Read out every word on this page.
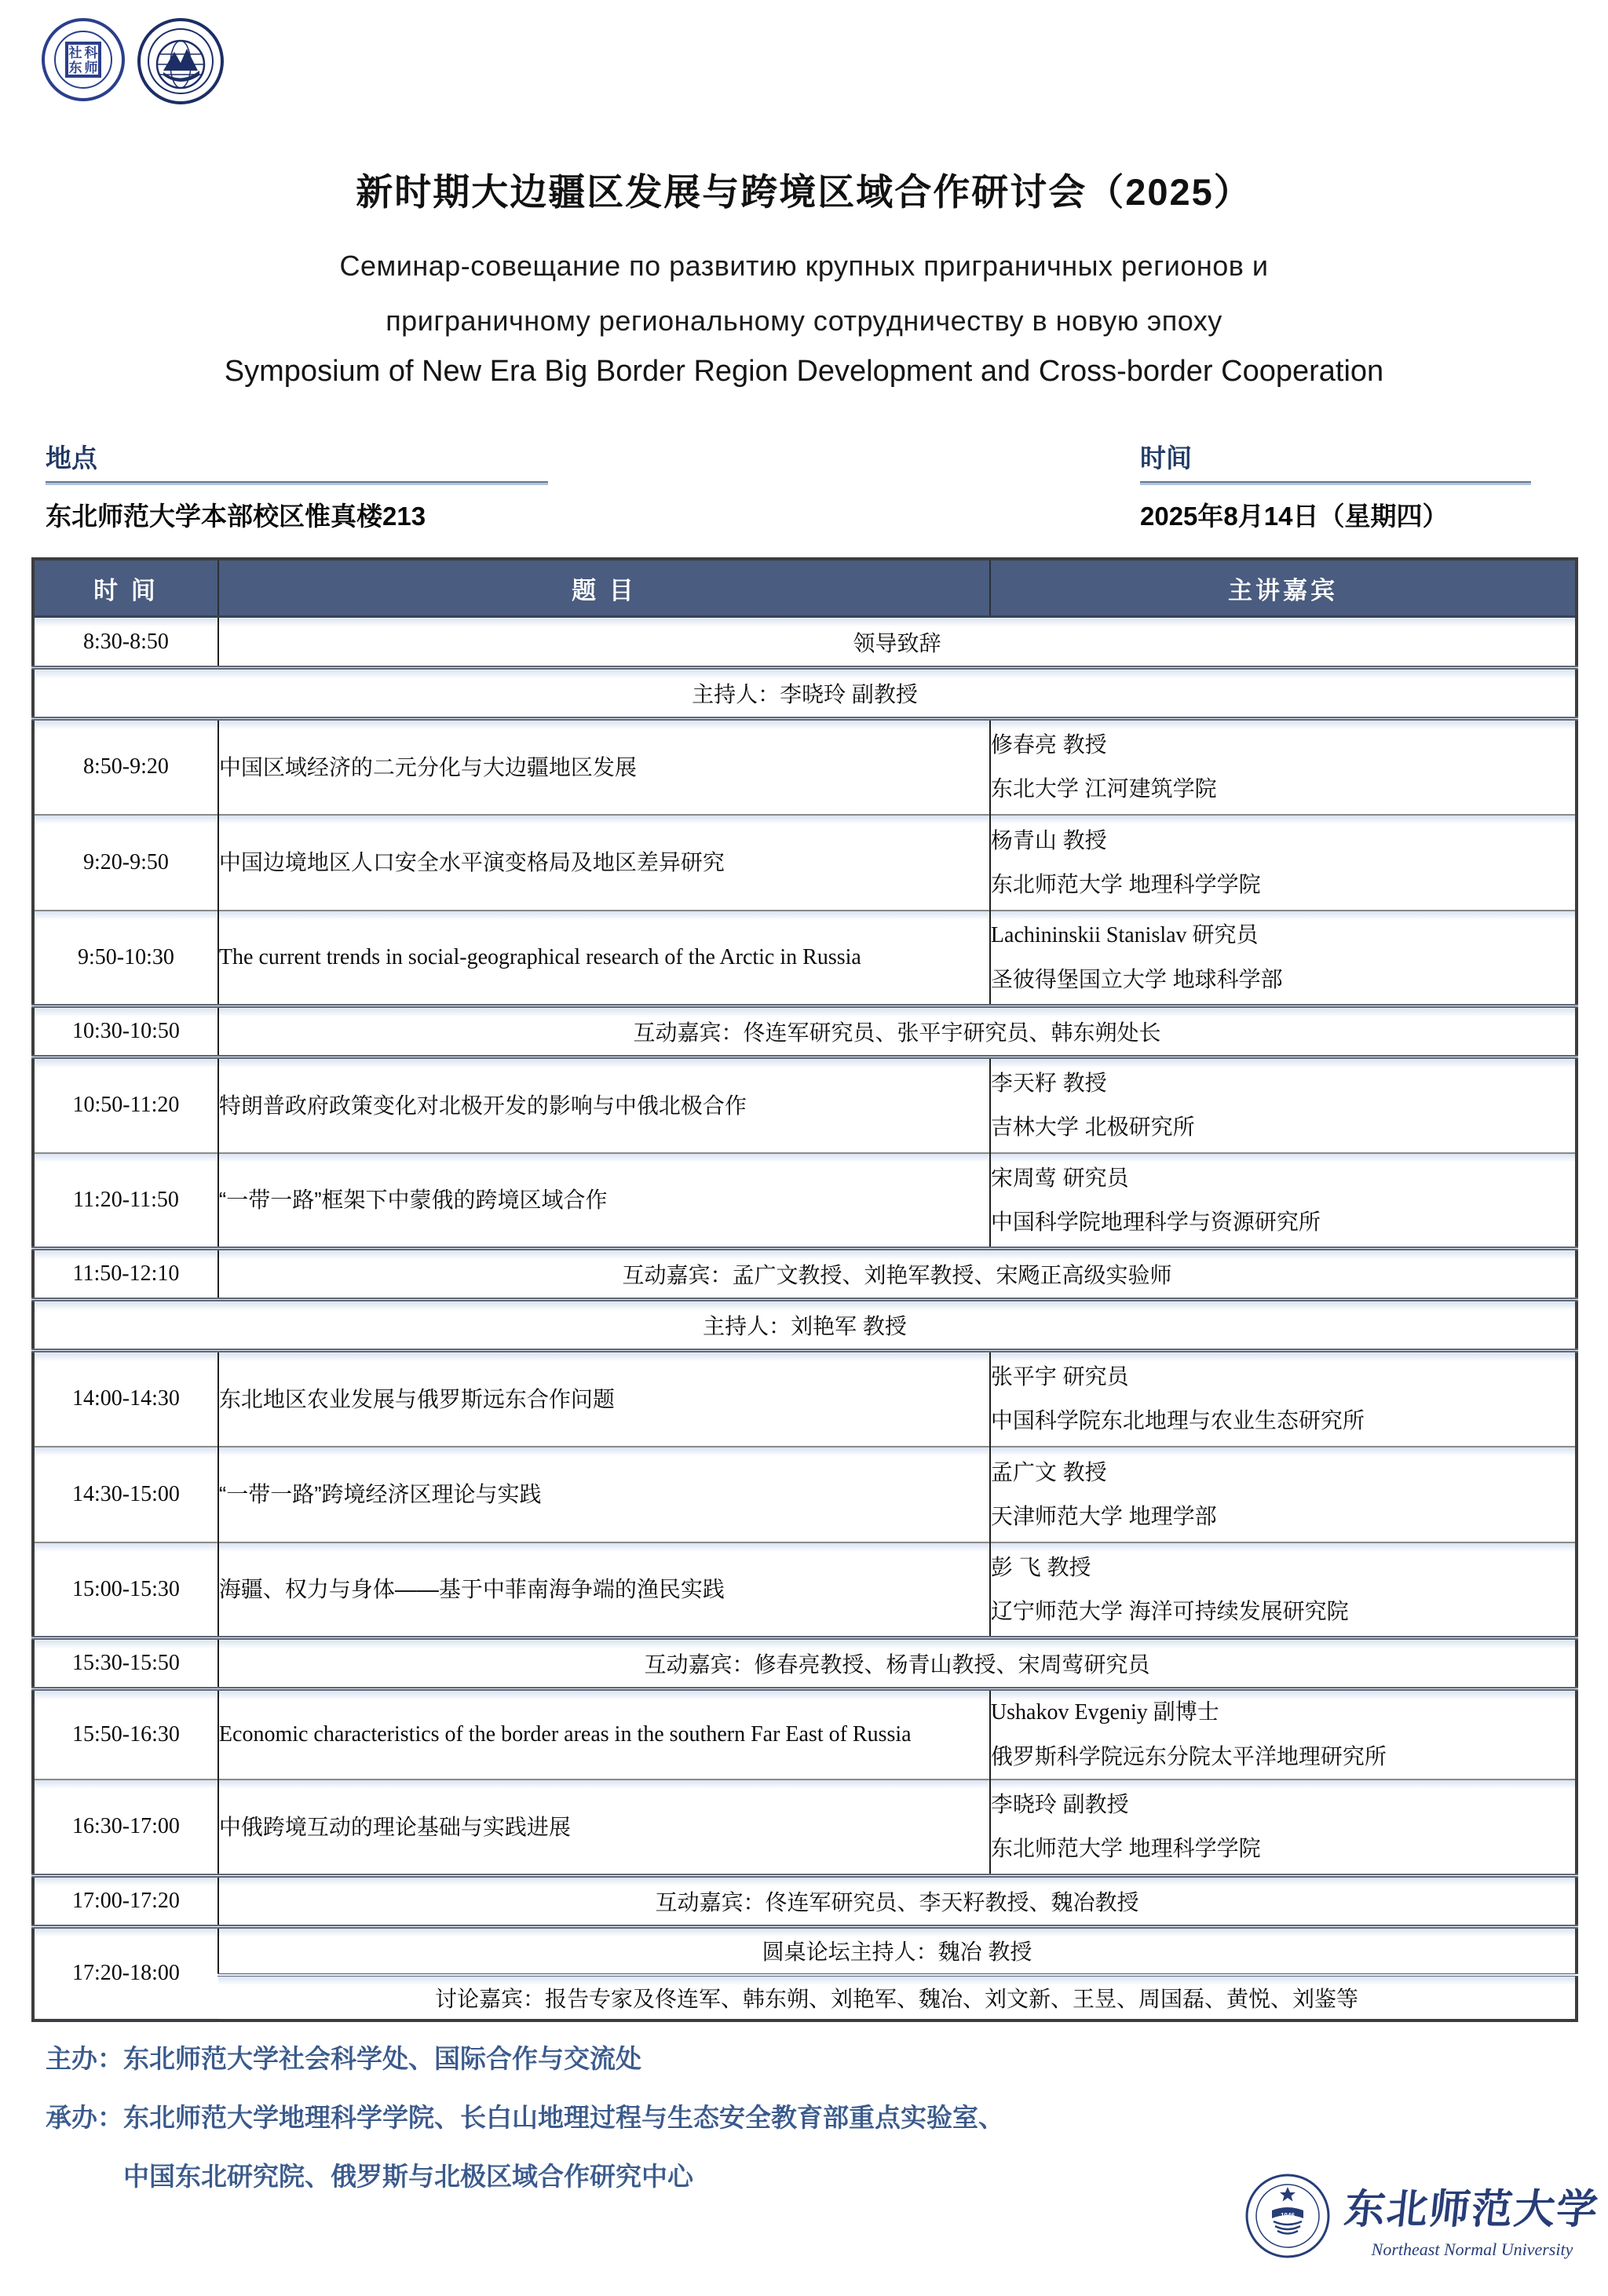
社 科
东 师
新时期大边疆区发展与跨境区域合作研讨会（2025）
Семинар-совещание по развитию крупных приграничных регионов и
приграничному региональному сотрудничеству в новую эпоху
Symposium of New Era Big Border Region Development and Cross-border Cooperation
地点
东北师范大学本部校区惟真楼213
时间
2025年8月14日（星期四）
时 间	题 目	主讲嘉宾
8:30-8:50	领导致辞	
主持人：李晓玲 副教授		
8:50-9:20	中国区域经济的二元分化与大边疆地区发展	修春亮 教授
东北大学 江河建筑学院

9:20-9:50	中国边境地区人口安全水平演变格局及地区差异研究	杨青山 教授
东北师范大学 地理科学学院

9:50-10:30	The current trends in social-geographical research of the Arctic in Russia	Lachininskii Stanislav 研究员
圣彼得堡国立大学 地球科学部

10:30-10:50	互动嘉宾：佟连军研究员、张平宇研究员、韩东朔处长	
10:50-11:20	特朗普政府政策变化对北极开发的影响与中俄北极合作	李天籽 教授
吉林大学 北极研究所

11:20-11:50	“一带一路”框架下中蒙俄的跨境区域合作	宋周莺 研究员
中国科学院地理科学与资源研究所

11:50-12:10	互动嘉宾：孟广文教授、刘艳军教授、宋飏正高级实验师	
主持人：刘艳军 教授		
14:00-14:30	东北地区农业发展与俄罗斯远东合作问题	张平宇 研究员
中国科学院东北地理与农业生态研究所

14:30-15:00	“一带一路”跨境经济区理论与实践	孟广文 教授
天津师范大学 地理学部

15:00-15:30	海疆、权力与身体——基于中菲南海争端的渔民实践	彭 飞 教授
辽宁师范大学 海洋可持续发展研究院

15:30-15:50	互动嘉宾：修春亮教授、杨青山教授、宋周莺研究员	
15:50-16:30	Economic characteristics of the border areas in the southern Far East of Russia	Ushakov Evgeniy 副博士
俄罗斯科学院远东分院太平洋地理研究所

16:30-17:00	中俄跨境互动的理论基础与实践进展	李晓玲 副教授
东北师范大学 地理科学学院

17:00-17:20	互动嘉宾：佟连军研究员、李天籽教授、魏冶教授	
17:20-18:00	圆桌论坛主持人：魏冶 教授	
	讨论嘉宾：报告专家及佟连军、韩东朔、刘艳军、魏冶、刘文新、王昱、周国磊、黄悦、刘鉴等	
主办：东北师范大学社会科学处、国际合作与交流处
承办：东北师范大学地理科学学院、长白山地理过程与生态安全教育部重点实验室、
中国东北研究院、俄罗斯与北极区域合作研究中心
1946 东北师范大学
Northeast Normal University
